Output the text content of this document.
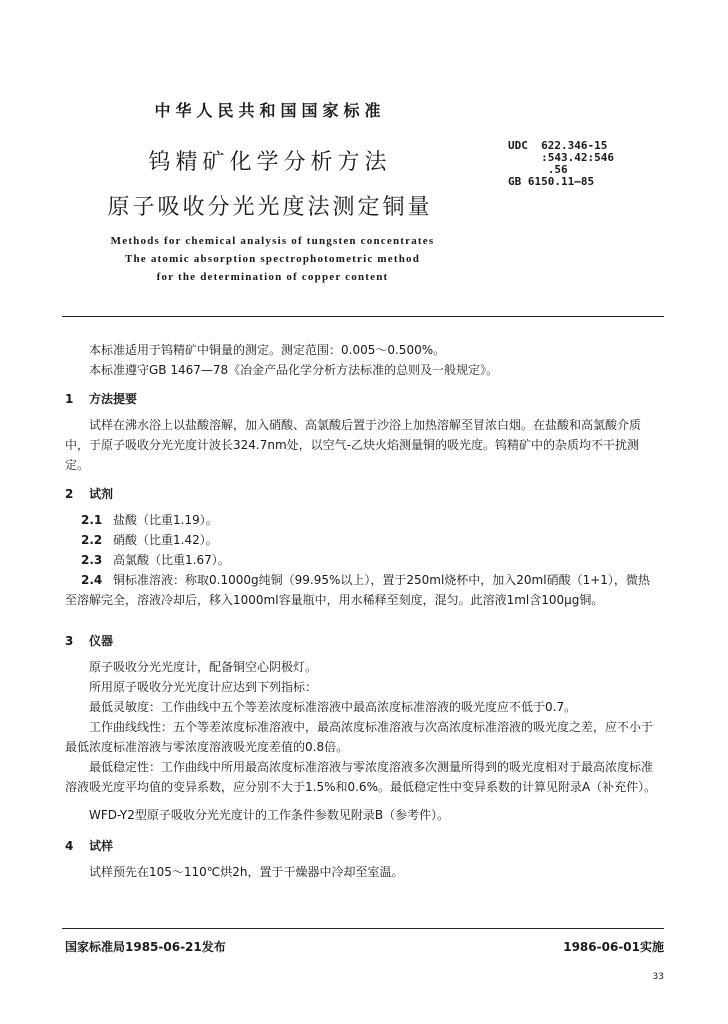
中华人民共和国国家标准
钨精矿化学分析方法
原子吸收分光光度法测定铜量
UDC  622.346-15
:543.42:546
.56
GB 6150.11—85
Methods for chemical analysis of tungsten concentrates
The atomic absorption spectrophotometric method
for the determination of copper content
本标准适用于钨精矿中铜量的测定。测定范围：0.005～0.500%。
本标准遵守GB 1467—78《冶金产品化学分析方法标准的总则及一般规定》。
1 方法提要
试样在沸水浴上以盐酸溶解，加入硝酸、高氯酸后置于沙浴上加热溶解至冒浓白烟。在盐酸和高氯酸介质中，于原子吸收分光光度计波长324.7nm处，以空气-乙炔火焰测量铜的吸光度。钨精矿中的杂质均不干扰测定。
2 试剂
2.1 盐酸（比重1.19）。
2.2 硝酸（比重1.42）。
2.3 高氯酸（比重1.67）。
2.4 铜标准溶液：称取0.1000g纯铜（99.95%以上），置于250ml烧杯中，加入20ml硝酸（1+1），微热至溶解完全，溶液冷却后，移入1000ml容量瓶中，用水稀释至刻度，混匀。此溶液1ml含100μg铜。
3 仪器
原子吸收分光光度计，配备铜空心阴极灯。
所用原子吸收分光光度计应达到下列指标：
最低灵敏度：工作曲线中五个等差浓度标准溶液中最高浓度标准溶液的吸光度应不低于0.7。
工作曲线线性：五个等差浓度标准溶液中，最高浓度标准溶液与次高浓度标准溶液的吸光度之差，应不小于最低浓度标准溶液与零浓度溶液吸光度差值的0.8倍。
最低稳定性：工作曲线中所用最高浓度标准溶液与零浓度溶液多次测量所得到的吸光度相对于最高浓度标准溶液吸光度平均值的变异系数，应分别不大于1.5%和0.6%。最低稳定性中变异系数的计算见附录A（补充件）。
WFD-Y2型原子吸收分光光度计的工作条件参数见附录B（参考件）。
4 试样
试样预先在105～110℃烘2h，置于干燥器中冷却至室温。
国家标准局1985-06-21发布	1986-06-01实施
33
